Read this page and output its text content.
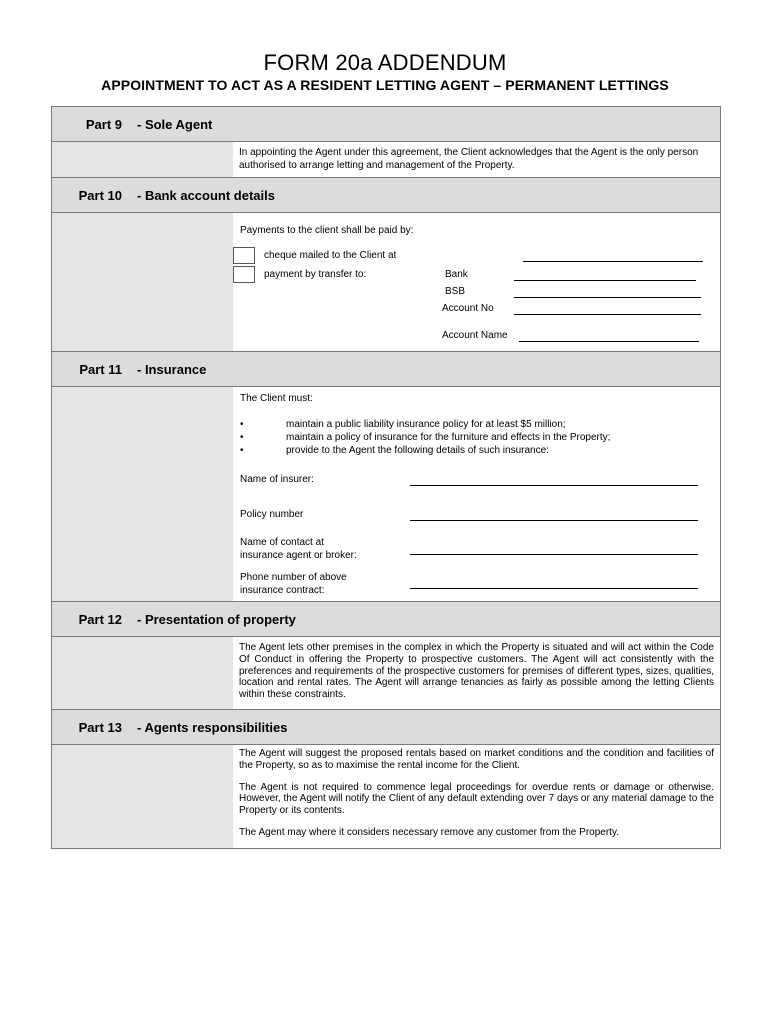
FORM 20a ADDENDUM
APPOINTMENT TO ACT AS A RESIDENT LETTING AGENT – PERMANENT LETTINGS
Part 9 - Sole Agent

In appointing the Agent under this agreement, the Client acknowledges that the Agent is the only person authorised to arrange letting and management of the Property.

Part 10 - Bank account details
Payments to the client shall be paid by:
cheque mailed to the Client at
payment by transfer to:	Bank
BSB
Account No
Account Name
Part 11 - Insurance
The Client must:
•	maintain a public liability insurance policy for at least $5 million;
•	maintain a policy of insurance for the furniture and effects in the Property;
•	provide to the Agent the following details of such insurance:
Name of insurer:
Policy number
Name of contact at
insurance agent or broker:
Phone number of above
insurance contract:
Part 12 - Presentation of property

The Agent lets other premises in the complex in which the Property is situated and will act within the Code Of Conduct in offering the Property to prospective customers. The Agent will act consistently with the preferences and requirements of the prospective customers for premises of different types, sizes, qualities, location and rental rates. The Agent will arrange tenancies as fairly as possible among the letting Clients within these constraints.

Part 13 - Agents responsibilities

The Agent will suggest the proposed rentals based on market conditions and the condition and facilities of the Property, so as to maximise the rental income for the Client.

The Agent is not required to commence legal proceedings for overdue rents or damage or otherwise. However, the Agent will notify the Client of any default extending over 7 days or any material damage to the Property or its contents.

The Agent may where it considers necessary remove any customer from the Property.
